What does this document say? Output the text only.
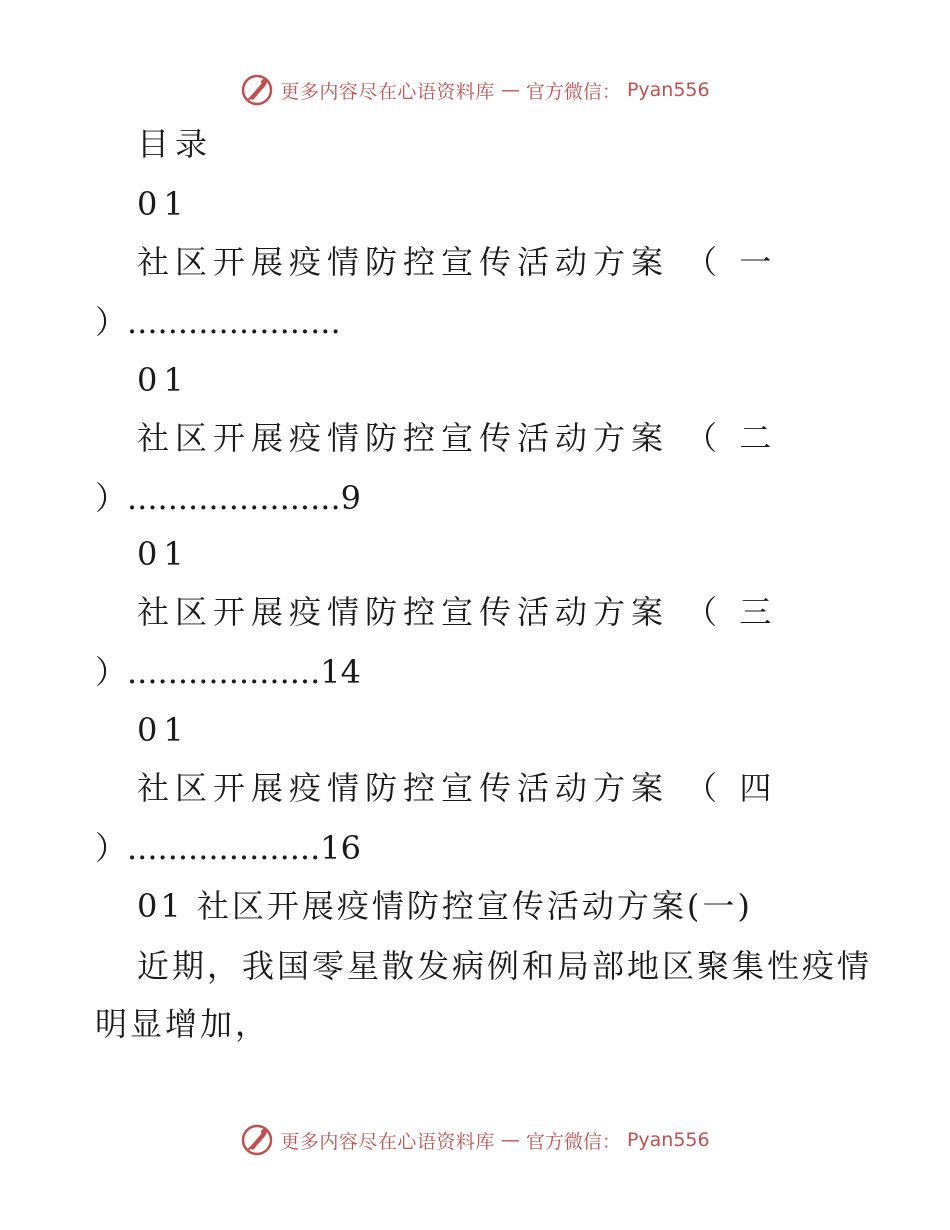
更多内容尽在心语资料库 — 官方微信： Pyan556
目录
01
社区开展疫情防控宣传活动方案 （ 一
）.....................
01
社区开展疫情防控宣传活动方案 （ 二
）.....................9
01
社区开展疫情防控宣传活动方案 （ 三
）...................14
01
社区开展疫情防控宣传活动方案 （ 四
）...................16
01 社区开展疫情防控宣传活动方案(一)
近期，我国零星散发病例和局部地区聚集性疫情
明显增加，
更多内容尽在心语资料库 — 官方微信： Pyan556
